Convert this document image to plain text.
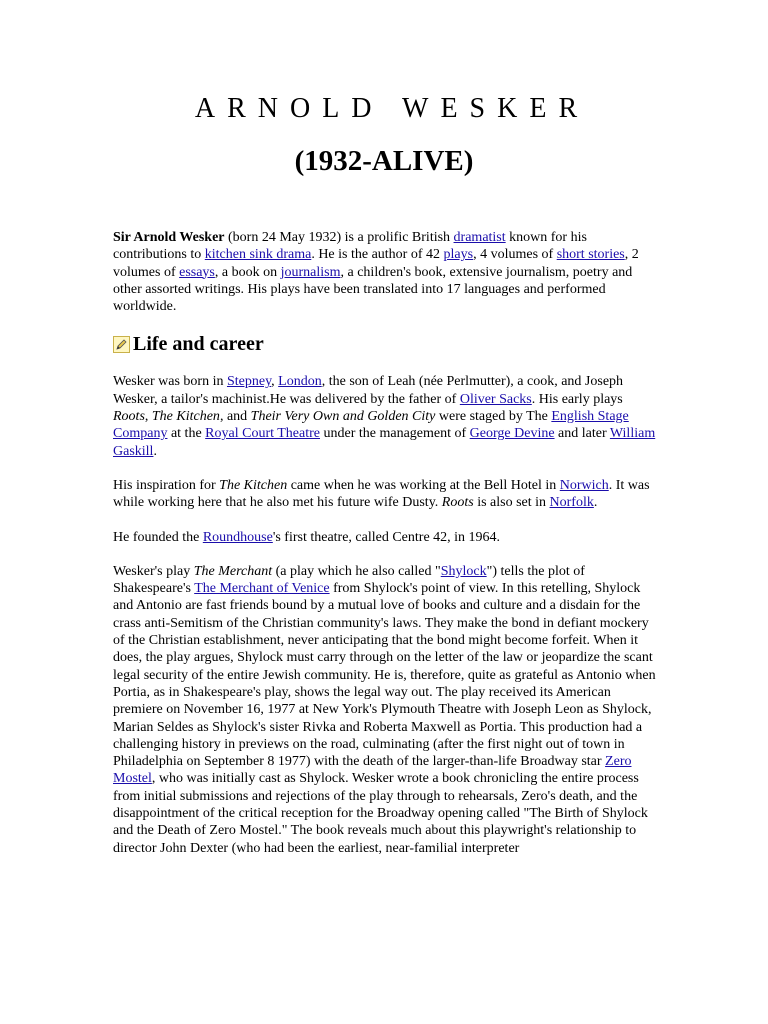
ARNOLD WESKER
(1932-ALIVE)

Sir Arnold Wesker (born 24 May 1932) is a prolific British dramatist known for his contributions to kitchen sink drama. He is the author of 42 plays, 4 volumes of short stories, 2 volumes of essays, a book on journalism, a children's book, extensive journalism, poetry and other assorted writings. His plays have been translated into 17 languages and performed worldwide.

Life and career

Wesker was born in Stepney, London, the son of Leah (née Perlmutter), a cook, and Joseph Wesker, a tailor's machinist.He was delivered by the father of Oliver Sacks. His early plays Roots, The Kitchen, and Their Very Own and Golden City were staged by The English Stage Company at the Royal Court Theatre under the management of George Devine and later William Gaskill.

His inspiration for The Kitchen came when he was working at the Bell Hotel in Norwich. It was while working here that he also met his future wife Dusty. Roots is also set in Norfolk.

He founded the Roundhouse's first theatre, called Centre 42, in 1964.

Wesker's play The Merchant (a play which he also called "Shylock") tells the plot of Shakespeare's The Merchant of Venice from Shylock's point of view. In this retelling, Shylock and Antonio are fast friends bound by a mutual love of books and culture and a disdain for the crass anti-Semitism of the Christian community's laws. They make the bond in defiant mockery of the Christian establishment, never anticipating that the bond might become forfeit. When it does, the play argues, Shylock must carry through on the letter of the law or jeopardize the scant legal security of the entire Jewish community. He is, therefore, quite as grateful as Antonio when Portia, as in Shakespeare's play, shows the legal way out. The play received its American premiere on November 16, 1977 at New York's Plymouth Theatre with Joseph Leon as Shylock, Marian Seldes as Shylock's sister Rivka and Roberta Maxwell as Portia. This production had a challenging history in previews on the road, culminating (after the first night out of town in Philadelphia on September 8 1977) with the death of the larger-than-life Broadway star Zero Mostel, who was initially cast as Shylock. Wesker wrote a book chronicling the entire process from initial submissions and rejections of the play through to rehearsals, Zero's death, and the disappointment of the critical reception for the Broadway opening called "The Birth of Shylock and the Death of Zero Mostel." The book reveals much about this playwright's relationship to director John Dexter (who had been the earliest, near-familial interpreter
